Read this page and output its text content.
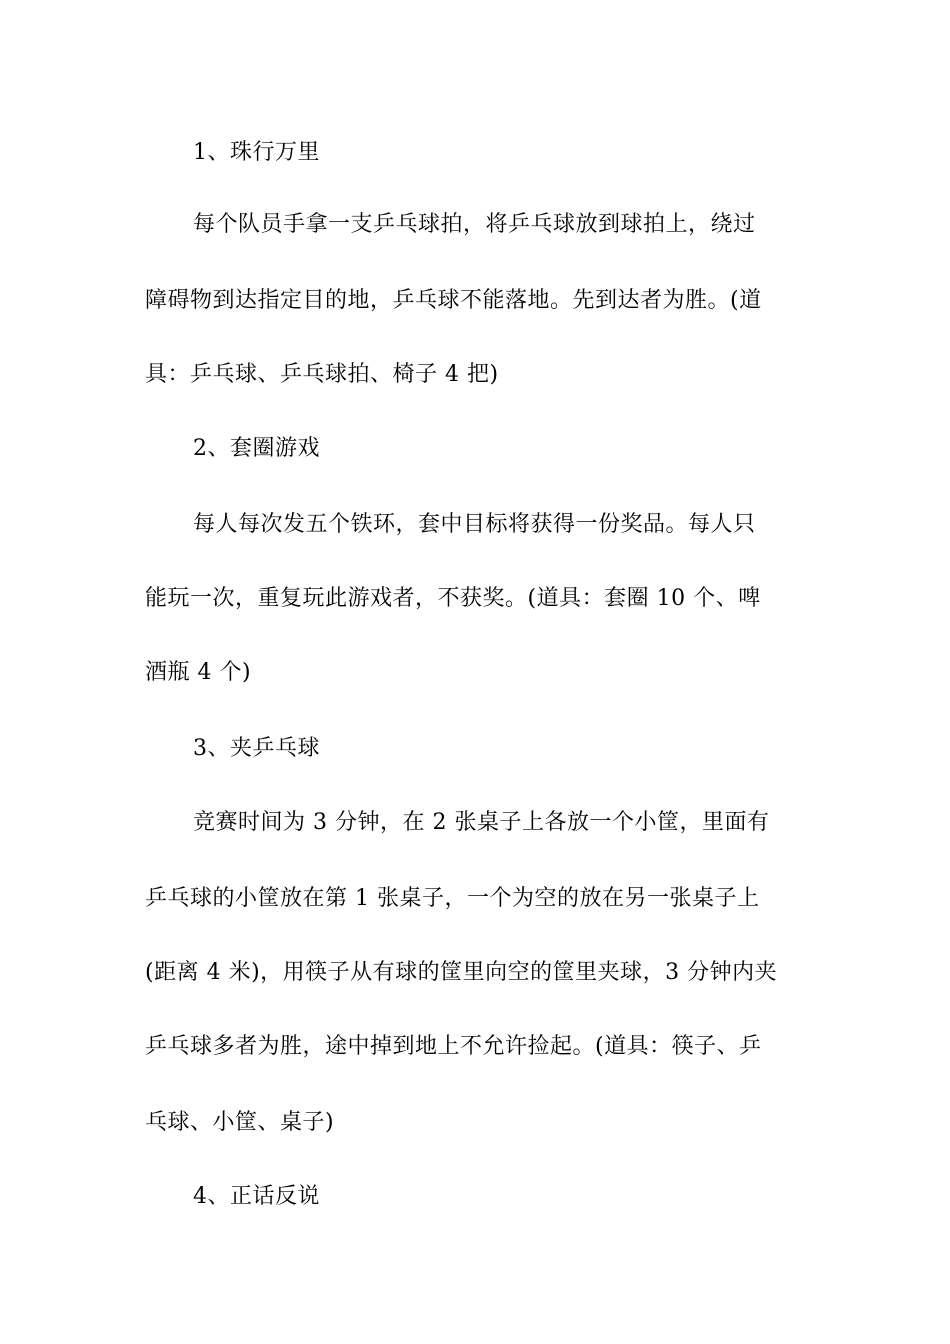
1、珠行万里
每个队员手拿一支乒乓球拍，将乒乓球放到球拍上，绕过
障碍物到达指定目的地，乒乓球不能落地。先到达者为胜。(道
具：乒乓球、乒乓球拍、椅子 4 把)
2、套圈游戏
每人每次发五个铁环，套中目标将获得一份奖品。每人只
能玩一次，重复玩此游戏者，不获奖。(道具：套圈 10 个、啤
酒瓶 4 个)
3、夹乒乓球
竞赛时间为 3 分钟，在 2 张桌子上各放一个小筐，里面有
乒乓球的小筐放在第 1 张桌子，一个为空的放在另一张桌子上
(距离 4 米)，用筷子从有球的筐里向空的筐里夹球，3 分钟内夹
乒乓球多者为胜，途中掉到地上不允许捡起。(道具：筷子、乒
乓球、小筐、桌子)
4、正话反说
